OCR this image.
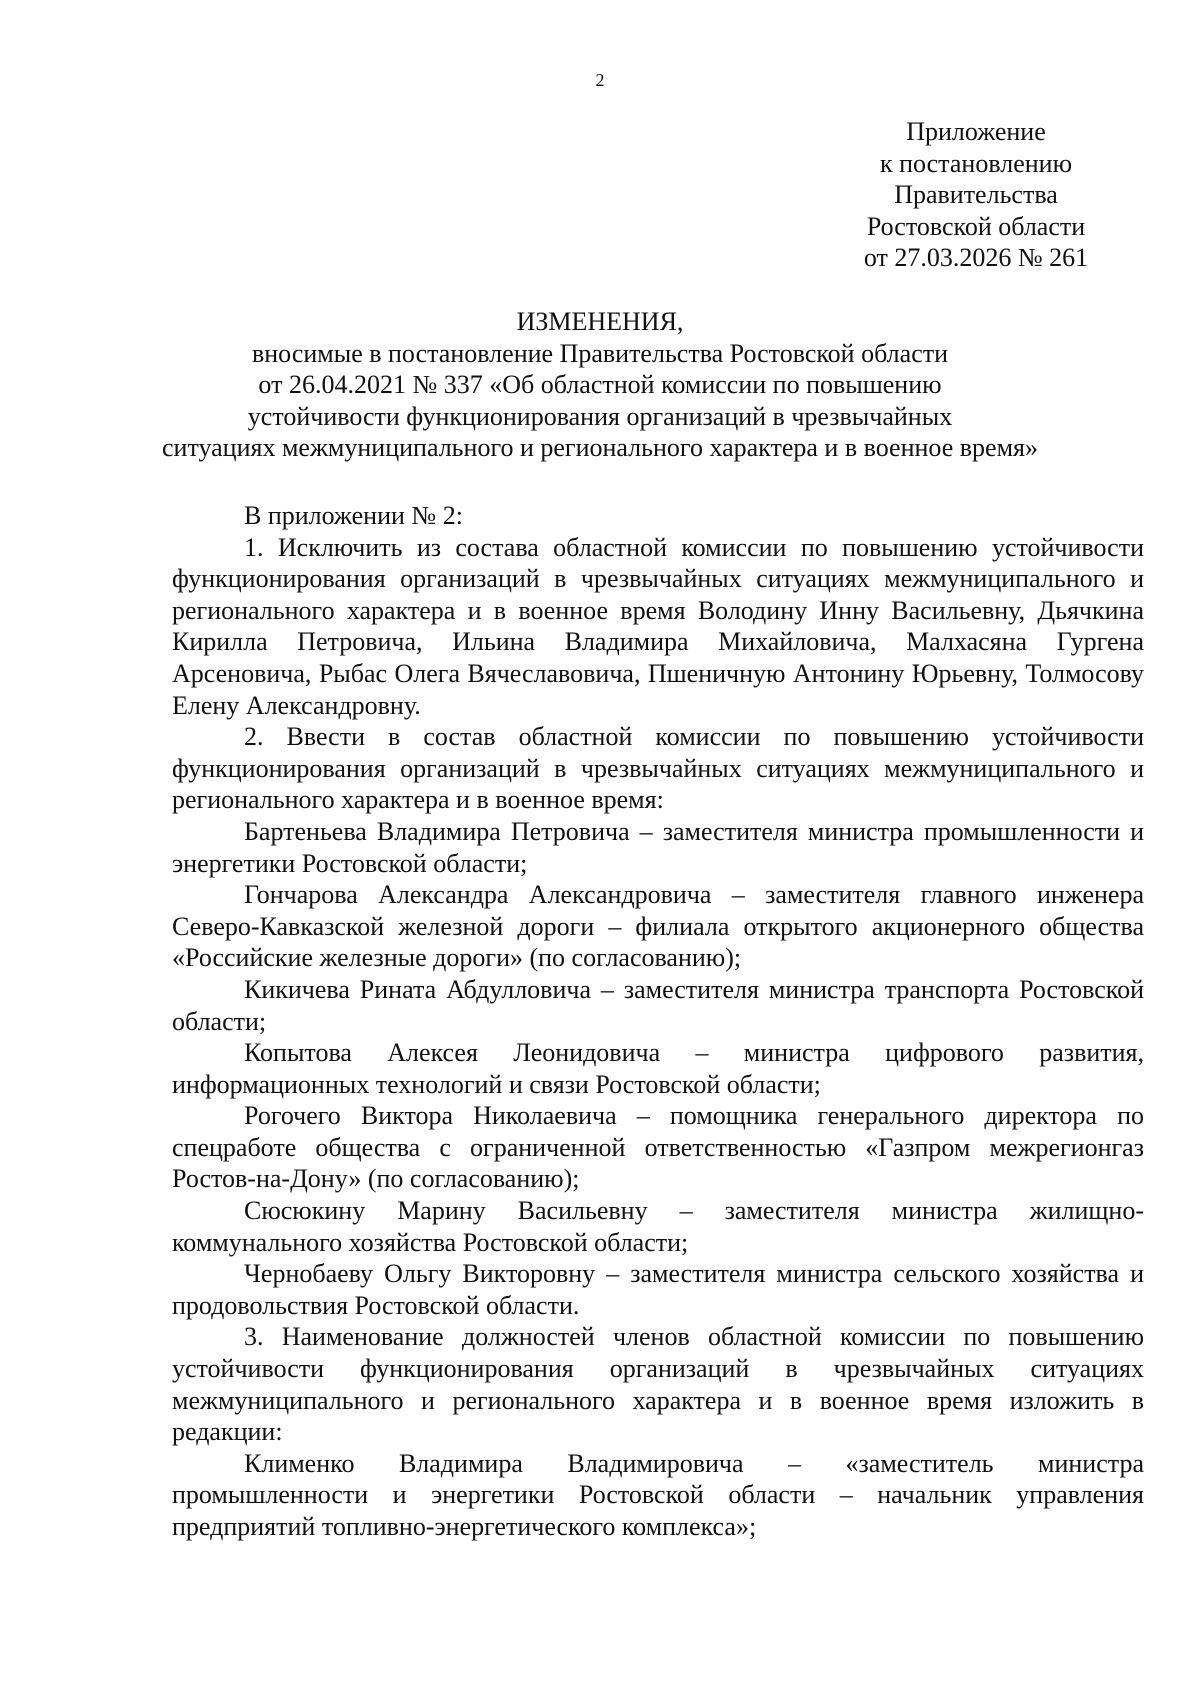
2
Приложение
к постановлению
Правительства
Ростовской области
от 27.03.2026 № 261
ИЗМЕНЕНИЯ,
вносимые в постановление Правительства Ростовской области
от 26.04.2021 № 337 «Об областной комиссии по повышению
устойчивости функционирования организаций в чрезвычайных
ситуациях межмуниципального и регионального характера и в военное время»

В приложении № 2:

1. Исключить из состава областной комиссии по повышению устойчивости функционирования организаций в чрезвычайных ситуациях межмуниципального и регионального характера и в военное время Володину Инну Васильевну, Дьячкина Кирилла Петровича, Ильина Владимира Михайловича, Малхасяна Гургена Арсеновича, Рыбас Олега Вячеславовича, Пшеничную Антонину Юрьевну, Толмосову Елену Александровну.

2. Ввести в состав областной комиссии по повышению устойчивости функционирования организаций в чрезвычайных ситуациях межмуниципального и регионального характера и в военное время:

Бартеньева Владимира Петровича – заместителя министра промышленности и энергетики Ростовской области;

Гончарова Александра Александровича – заместителя главного инженера Северо-Кавказской железной дороги – филиала открытого акционерного общества «Российские железные дороги» (по согласованию);

Кикичева Рината Абдулловича – заместителя министра транспорта Ростовской области;

Копытова Алексея Леонидовича – министра цифрового развития, информационных технологий и связи Ростовской области;

Рогочего Виктора Николаевича – помощника генерального директора по спецработе общества с ограниченной ответственностью «Газпром межрегионгаз Ростов-на-Дону» (по согласованию);

Сюсюкину Марину Васильевну – заместителя министра жилищно-коммунального хозяйства Ростовской области;

Чернобаеву Ольгу Викторовну – заместителя министра сельского хозяйства и продовольствия Ростовской области.

3. Наименование должностей членов областной комиссии по повышению устойчивости функционирования организаций в чрезвычайных ситуациях межмуниципального и регионального характера и в военное время изложить в редакции:

Клименко Владимира Владимировича – «заместитель министра промышленности и энергетики Ростовской области – начальник управления предприятий топливно-энергетического комплекса»;
